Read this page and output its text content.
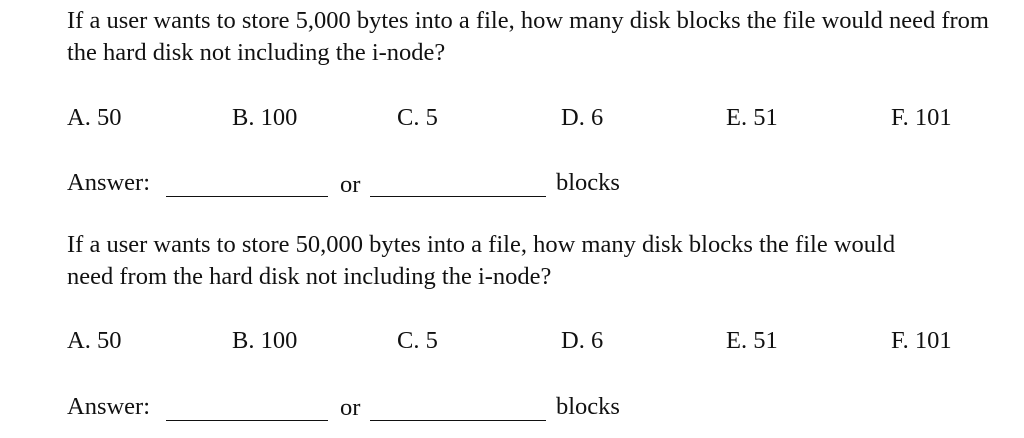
If a user wants to store 5,000 bytes into a file, how many disk blocks the file would need from the hard disk not including the i-node?

A. 50	B. 100	C. 5	D. 6	E. 51	F. 101
Answer:	or	blocks

If a user wants to store 50,000 bytes into a file, how many disk blocks the file would need from the hard disk not including the i-node?

A. 50	B. 100	C. 5	D. 6	E. 51	F. 101
Answer:	or	blocks
